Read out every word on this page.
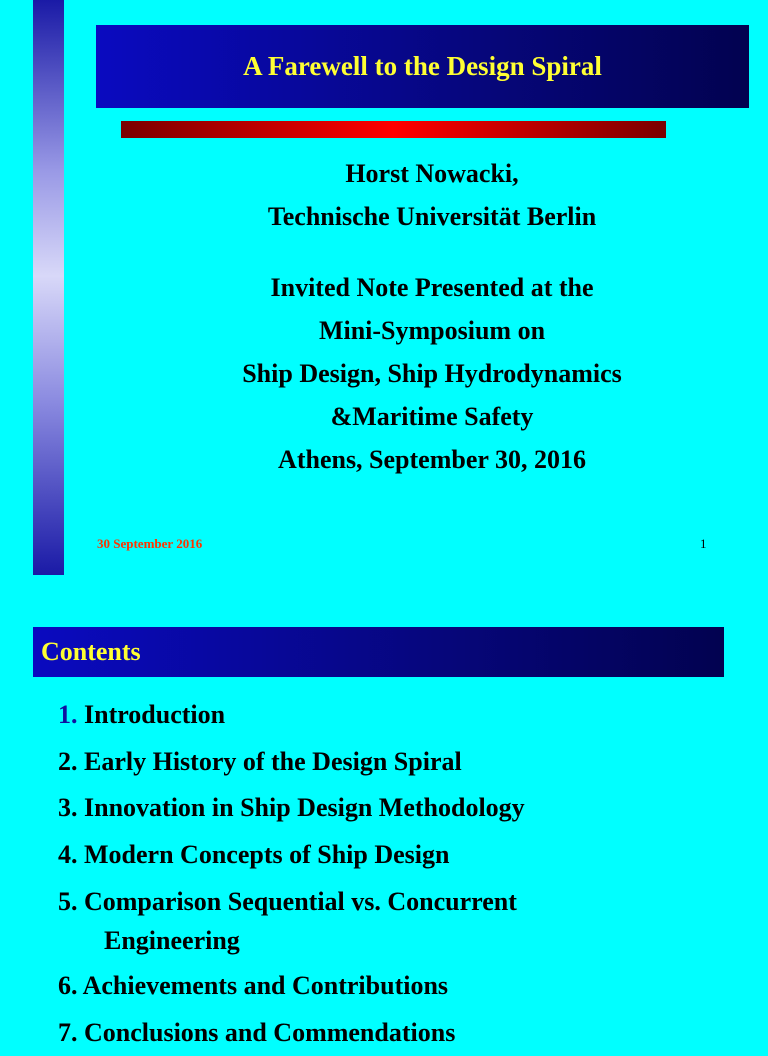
A Farewell to the Design Spiral
Horst Nowacki,
Technische Universität Berlin
Invited Note Presented at the
Mini-Symposium on
Ship Design, Ship Hydrodynamics
&Maritime Safety
Athens, September 30, 2016
30 September 2016	1
Contents
1. Introduction
2. Early History of the Design Spiral
3. Innovation in Ship Design Methodology
4. Modern Concepts of Ship Design
5. Comparison Sequential vs. Concurrent
Engineering
6. Achievements and Contributions
7. Conclusions and Commendations
